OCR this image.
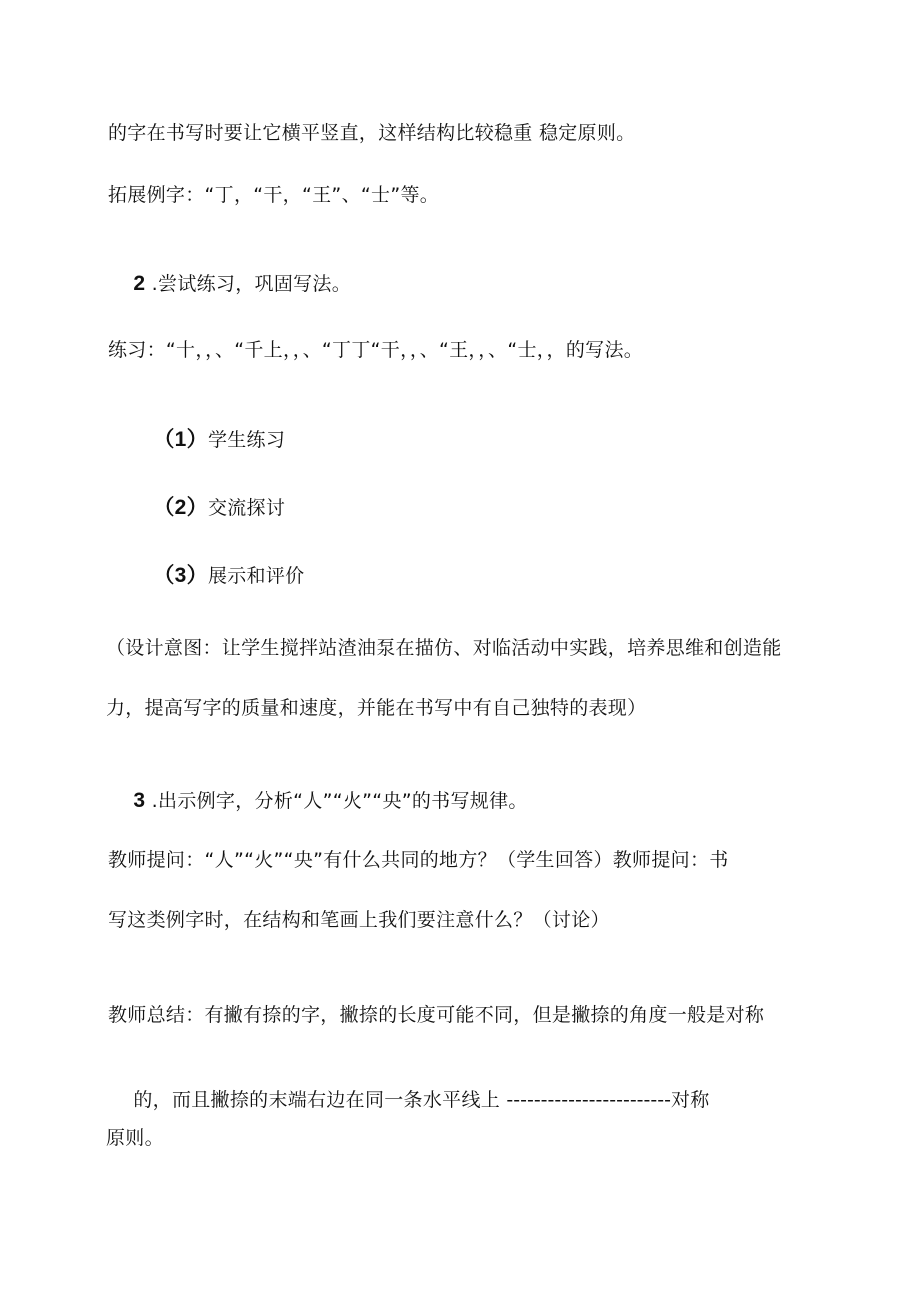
的字在书写时要让它横平竖直，这样结构比较稳重 稳定原则。
拓展例字：“丁，“干，“王”、“士”等。

2 .尝试练习，巩固写法。

练习：“十，，、“千上，，、“丁丁“干，，、“王，，、“士，，的写法。

（1）学生练习

（2）交流探讨

（3）展示和评价

（设计意图：让学生搅拌站渣油泵在描仿、对临活动中实践，培养思维和创造能
力，提高写字的质量和速度，并能在书写中有自己独特的表现）

3 .出示例字，分析“人”“火”“央”的书写规律。

教师提问：“人”“火”“央”有什么共同的地方？（学生回答）教师提问：书
写这类例字时，在结构和笔画上我们要注意什么？（讨论）
教师总结：有撇有捺的字，撇捺的长度可能不同，但是撇捺的角度一般是对称

的，而且撇捺的末端右边在同一条水平线上 ------------------------对称

原则。
